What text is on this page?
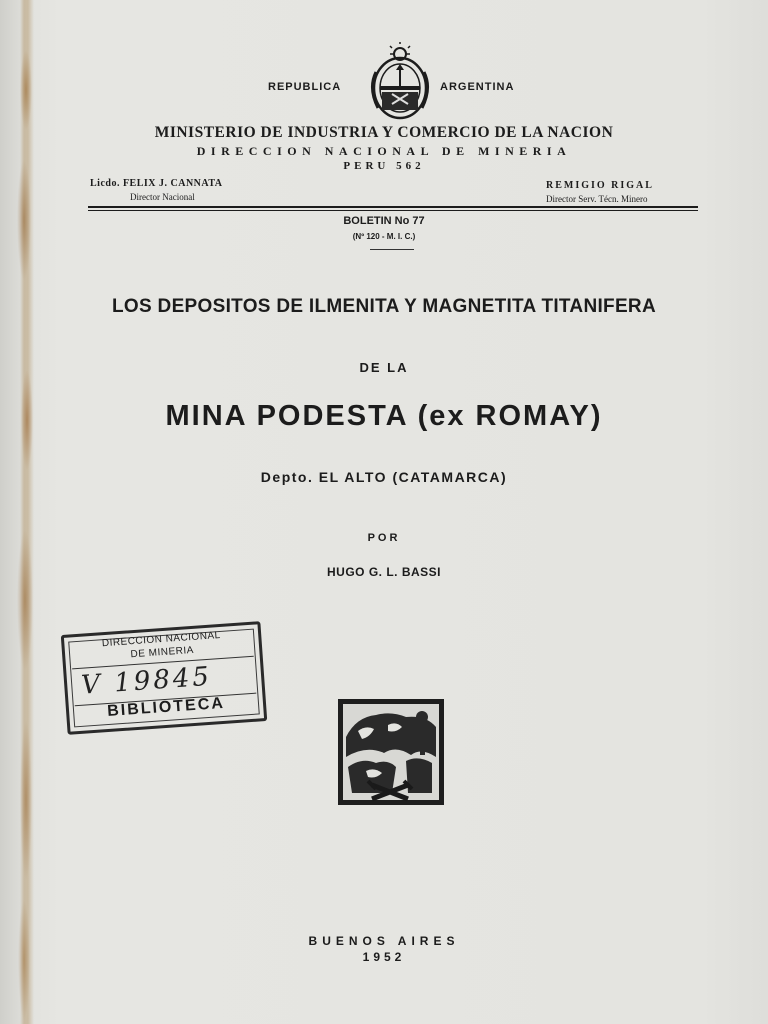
REPUBLICA	ARGENTINA
MINISTERIO DE INDUSTRIA Y COMERCIO DE LA NACION
DIRECCION NACIONAL DE MINERIA
PERU 562
Licdo. FELIX J. CANNATA
Director Nacional
REMIGIO RIGAL
Director Serv. Técn. Minero
BOLETIN No 77
(Nº 120 - M. I. C.)
LOS DEPOSITOS DE ILMENITA Y MAGNETITA TITANIFERA
DE LA
MINA PODESTA (ex ROMAY)
Depto. EL ALTO (CATAMARCA)
POR
HUGO G. L. BASSI
DIRECCION NACIONAL
DE MINERIA
V 19845
BIBLIOTECA
BUENOS AIRES
1952
